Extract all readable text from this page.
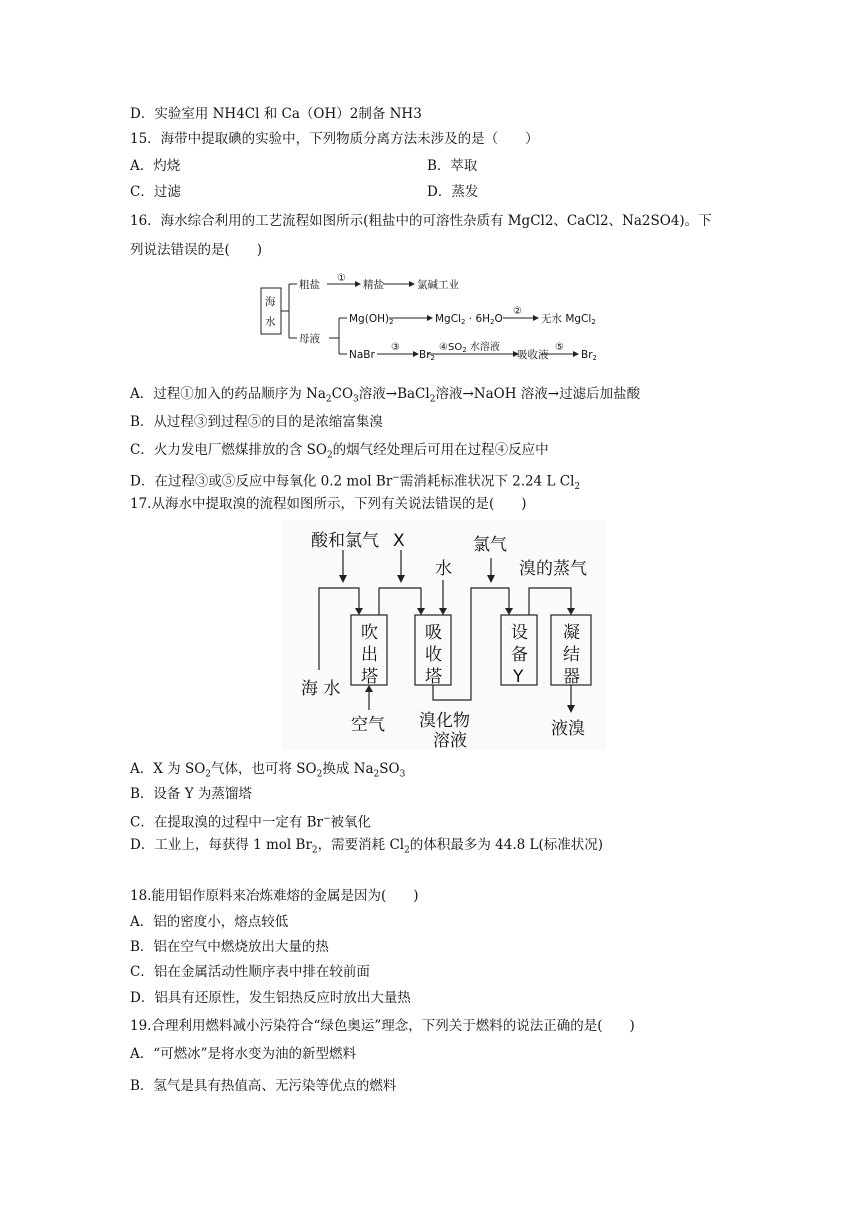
D．实验室用 NH4Cl 和 Ca（OH）2制备 NH3
15．海带中提取碘的实验中，下列物质分离方法未涉及的是（　　）
A．灼烧	B．萃取
C．过滤	D．蒸发
16．海水综合利用的工艺流程如图所示(粗盐中的可溶性杂质有 MgCl2、CaCl2、Na2SO4)。下
列说法错误的是(　　)
海
水
粗盐
①
精盐	氯碱工业
母液
Mg(OH)2	MgCl2 · 6H2O
②
无水 MgCl2
NaBr
③
Br2
$④SO_2$ 水溶液
吸收液
⑤
Br2
A．过程①加入的药品顺序为 $Na_2CO_3$溶液→BaCl$_2$溶液→NaOH 溶液→过滤后加盐酸
B．从过程③到过程⑤的目的是浓缩富集溴
C．火力发电厂燃煤排放的含 $SO_2$的烟气经处理后可用在过程④反应中
D．在过程③或⑤反应中每氧化 0.2 mol Br−需消耗标准状况下 2.24 L $Cl_2$
17.从海水中提取溴的流程如图所示，下列有关说法错误的是(　　)
酸和氯气 X
水
氯气
溴的蒸气
吹
出
塔
吸
收
塔
设
备
Y
凝
结
器
海 水
空气 溴化物
溶液
液溴
A．X 为 $SO_2$气体，也可将 $SO_2$换成 $Na_2SO_3$
B．设备 Y 为蒸馏塔
C．在提取溴的过程中一定有 Br−被氧化
D．工业上，每获得 1 mol $Br_2$，需要消耗 $Cl_2$的体积最多为 44.8 L(标准状况)
18.能用铝作原料来冶炼难熔的金属是因为(　　)
A．铝的密度小，熔点较低
B．铝在空气中燃烧放出大量的热
C．铝在金属活动性顺序表中排在较前面
D．铝具有还原性，发生铝热反应时放出大量热
19.合理利用燃料减小污染符合“绿色奥运”理念，下列关于燃料的说法正确的是(　　)
A．“可燃冰”是将水变为油的新型燃料
B．氢气是具有热值高、无污染等优点的燃料
